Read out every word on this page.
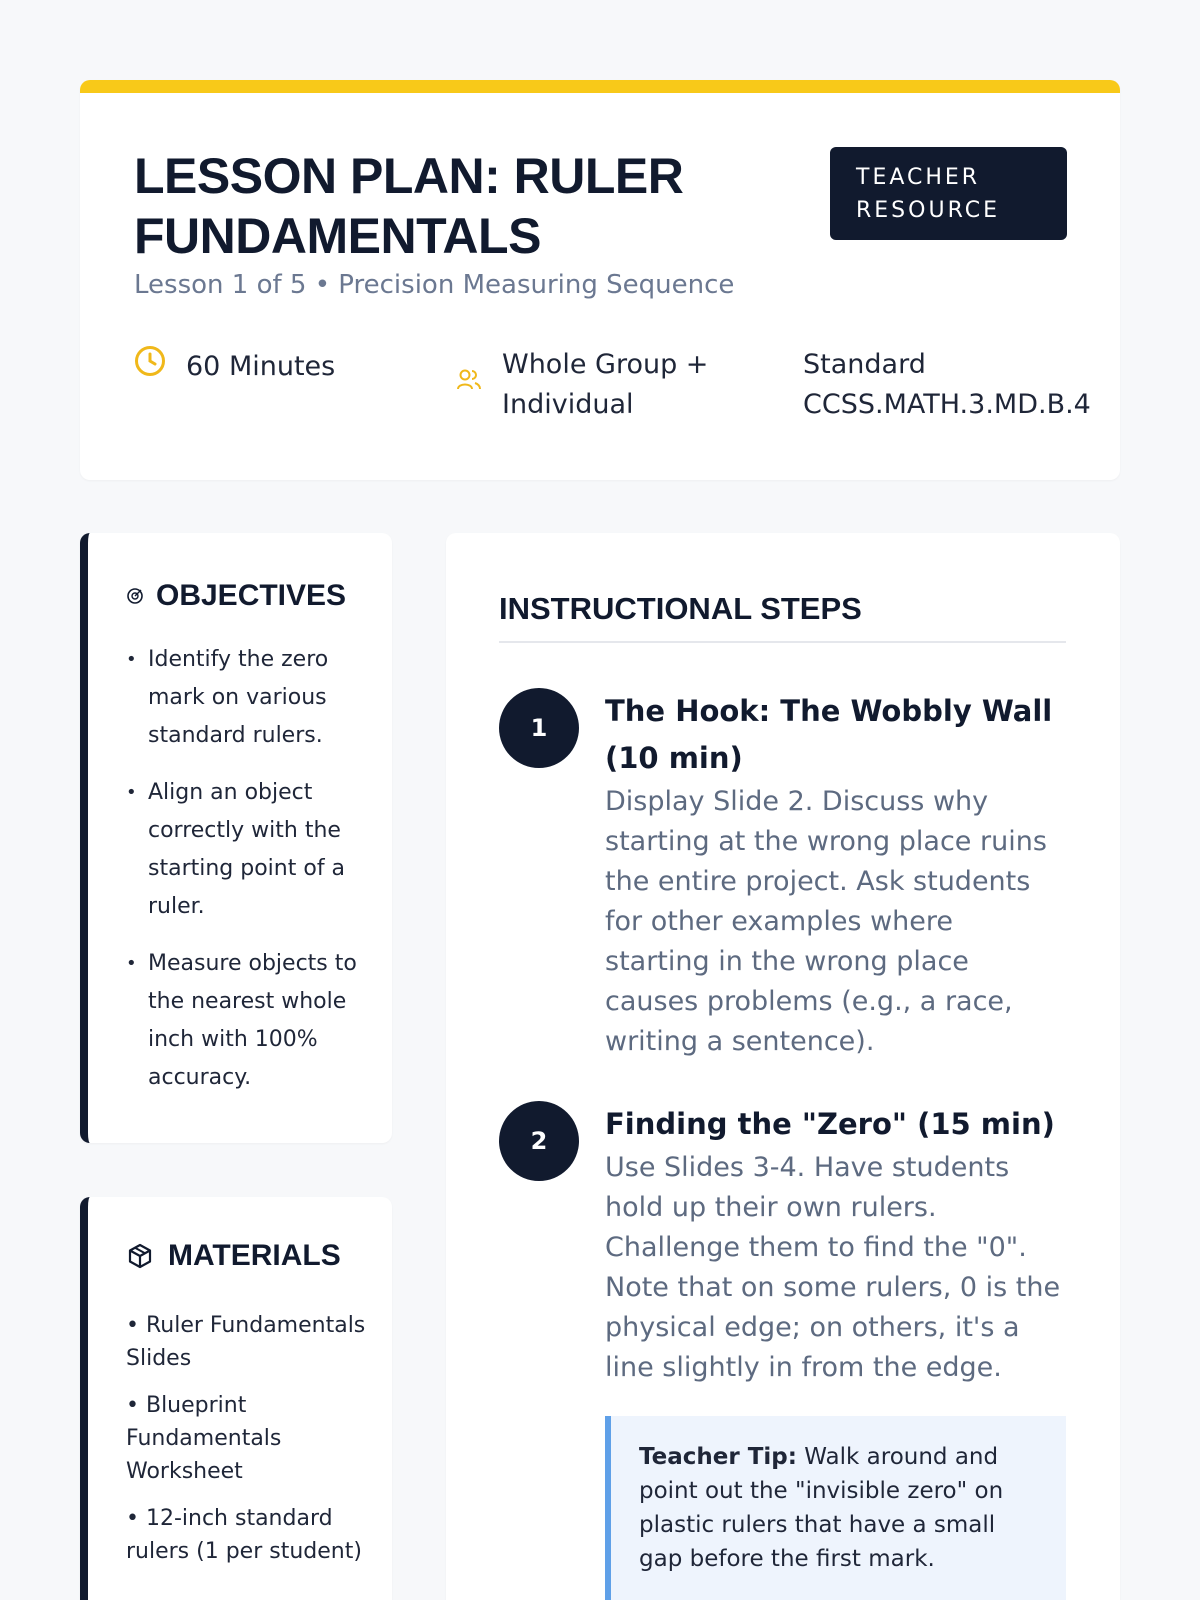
LESSON PLAN: RULER FUNDAMENTALS
Lesson 1 of 5 • Precision Measuring Sequence
TEACHER RESOURCE
60 Minutes	Whole Group + Individual
Standard CCSS.MATH.3.MD.B.4
OBJECTIVES
• Identify the zero mark on various standard rulers.
• Align an object correctly with the starting point of a ruler.
• Measure objects to the nearest whole inch with 100% accuracy.
MATERIALS
• Ruler Fundamentals Slides
• Blueprint Fundamentals Worksheet
• 12-inch standard rulers (1 per student)
INSTRUCTIONAL STEPS
1	The Hook: The Wobbly Wall (10 min)
Display Slide 2. Discuss why starting at the wrong place ruins the entire project. Ask students for other examples where starting in the wrong place causes problems (e.g., a race, writing a sentence).
2	Finding the "Zero" (15 min)
Use Slides 3-4. Have students hold up their own rulers. Challenge them to find the "0". Note that on some rulers, 0 is the physical edge; on others, it's a line slightly in from the edge.
Teacher Tip: Walk around and point out the "invisible zero" on plastic rulers that have a small gap before the first mark.
